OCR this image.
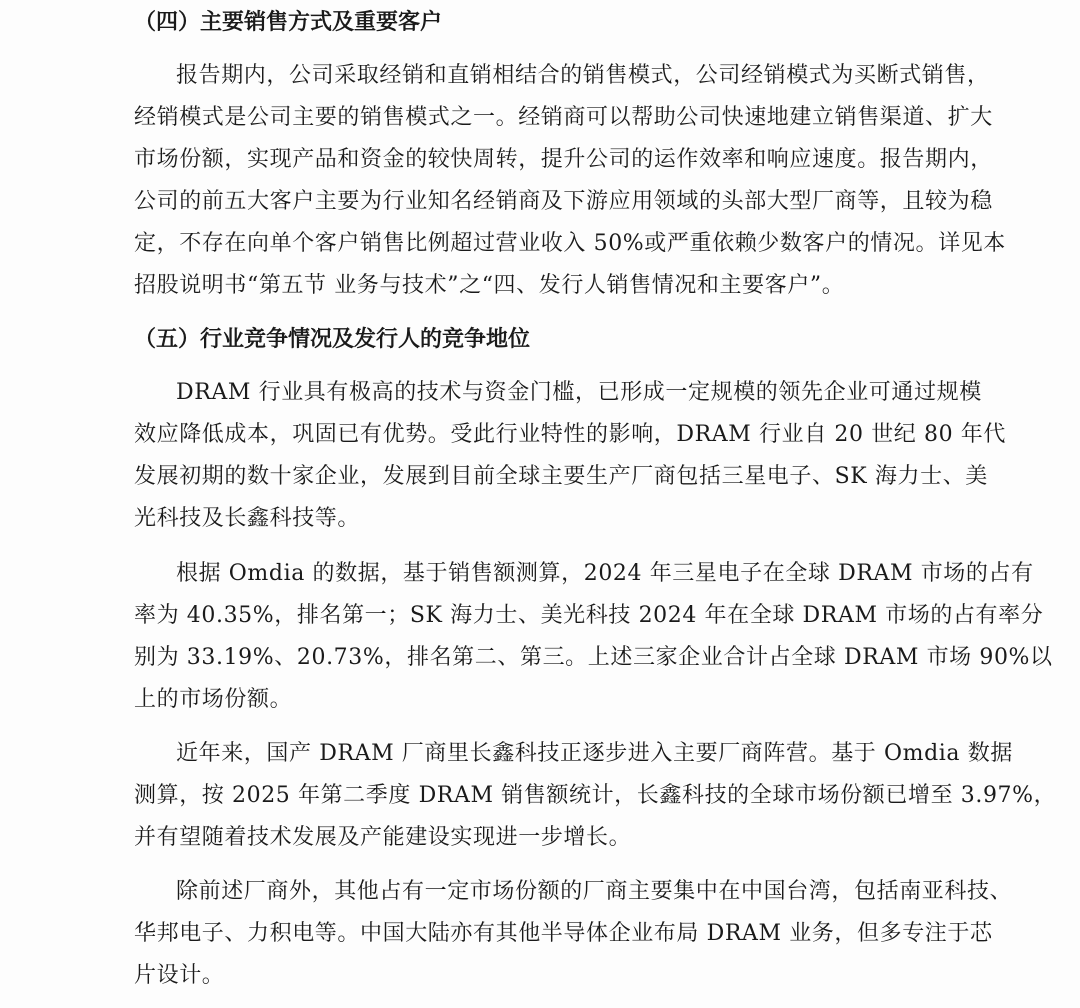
（四）主要销售方式及重要客户
报告期内，公司采取经销和直销相结合的销售模式，公司经销模式为买断式销售，
经销模式是公司主要的销售模式之一。经销商可以帮助公司快速地建立销售渠道、扩大
市场份额，实现产品和资金的较快周转，提升公司的运作效率和响应速度。报告期内，
公司的前五大客户主要为行业知名经销商及下游应用领域的头部大型厂商等，且较为稳
定，不存在向单个客户销售比例超过营业收入 50%或严重依赖少数客户的情况。详见本
招股说明书“第五节 业务与技术”之“四、发行人销售情况和主要客户”。
（五）行业竞争情况及发行人的竞争地位
DRAM 行业具有极高的技术与资金门槛，已形成一定规模的领先企业可通过规模
效应降低成本，巩固已有优势。受此行业特性的影响，DRAM 行业自 20 世纪 80 年代
发展初期的数十家企业，发展到目前全球主要生产厂商包括三星电子、SK 海力士、美
光科技及长鑫科技等。
根据 Omdia 的数据，基于销售额测算，2024 年三星电子在全球 DRAM 市场的占有
率为 40.35%，排名第一；SK 海力士、美光科技 2024 年在全球 DRAM 市场的占有率分
别为 33.19%、20.73%，排名第二、第三。上述三家企业合计占全球 DRAM 市场 90%以
上的市场份额。
近年来，国产 DRAM 厂商里长鑫科技正逐步进入主要厂商阵营。基于 Omdia 数据
测算，按 2025 年第二季度 DRAM 销售额统计，长鑫科技的全球市场份额已增至 3.97%，
并有望随着技术发展及产能建设实现进一步增长。
除前述厂商外，其他占有一定市场份额的厂商主要集中在中国台湾，包括南亚科技、
华邦电子、力积电等。中国大陆亦有其他半导体企业布局 DRAM 业务，但多专注于芯
片设计。
